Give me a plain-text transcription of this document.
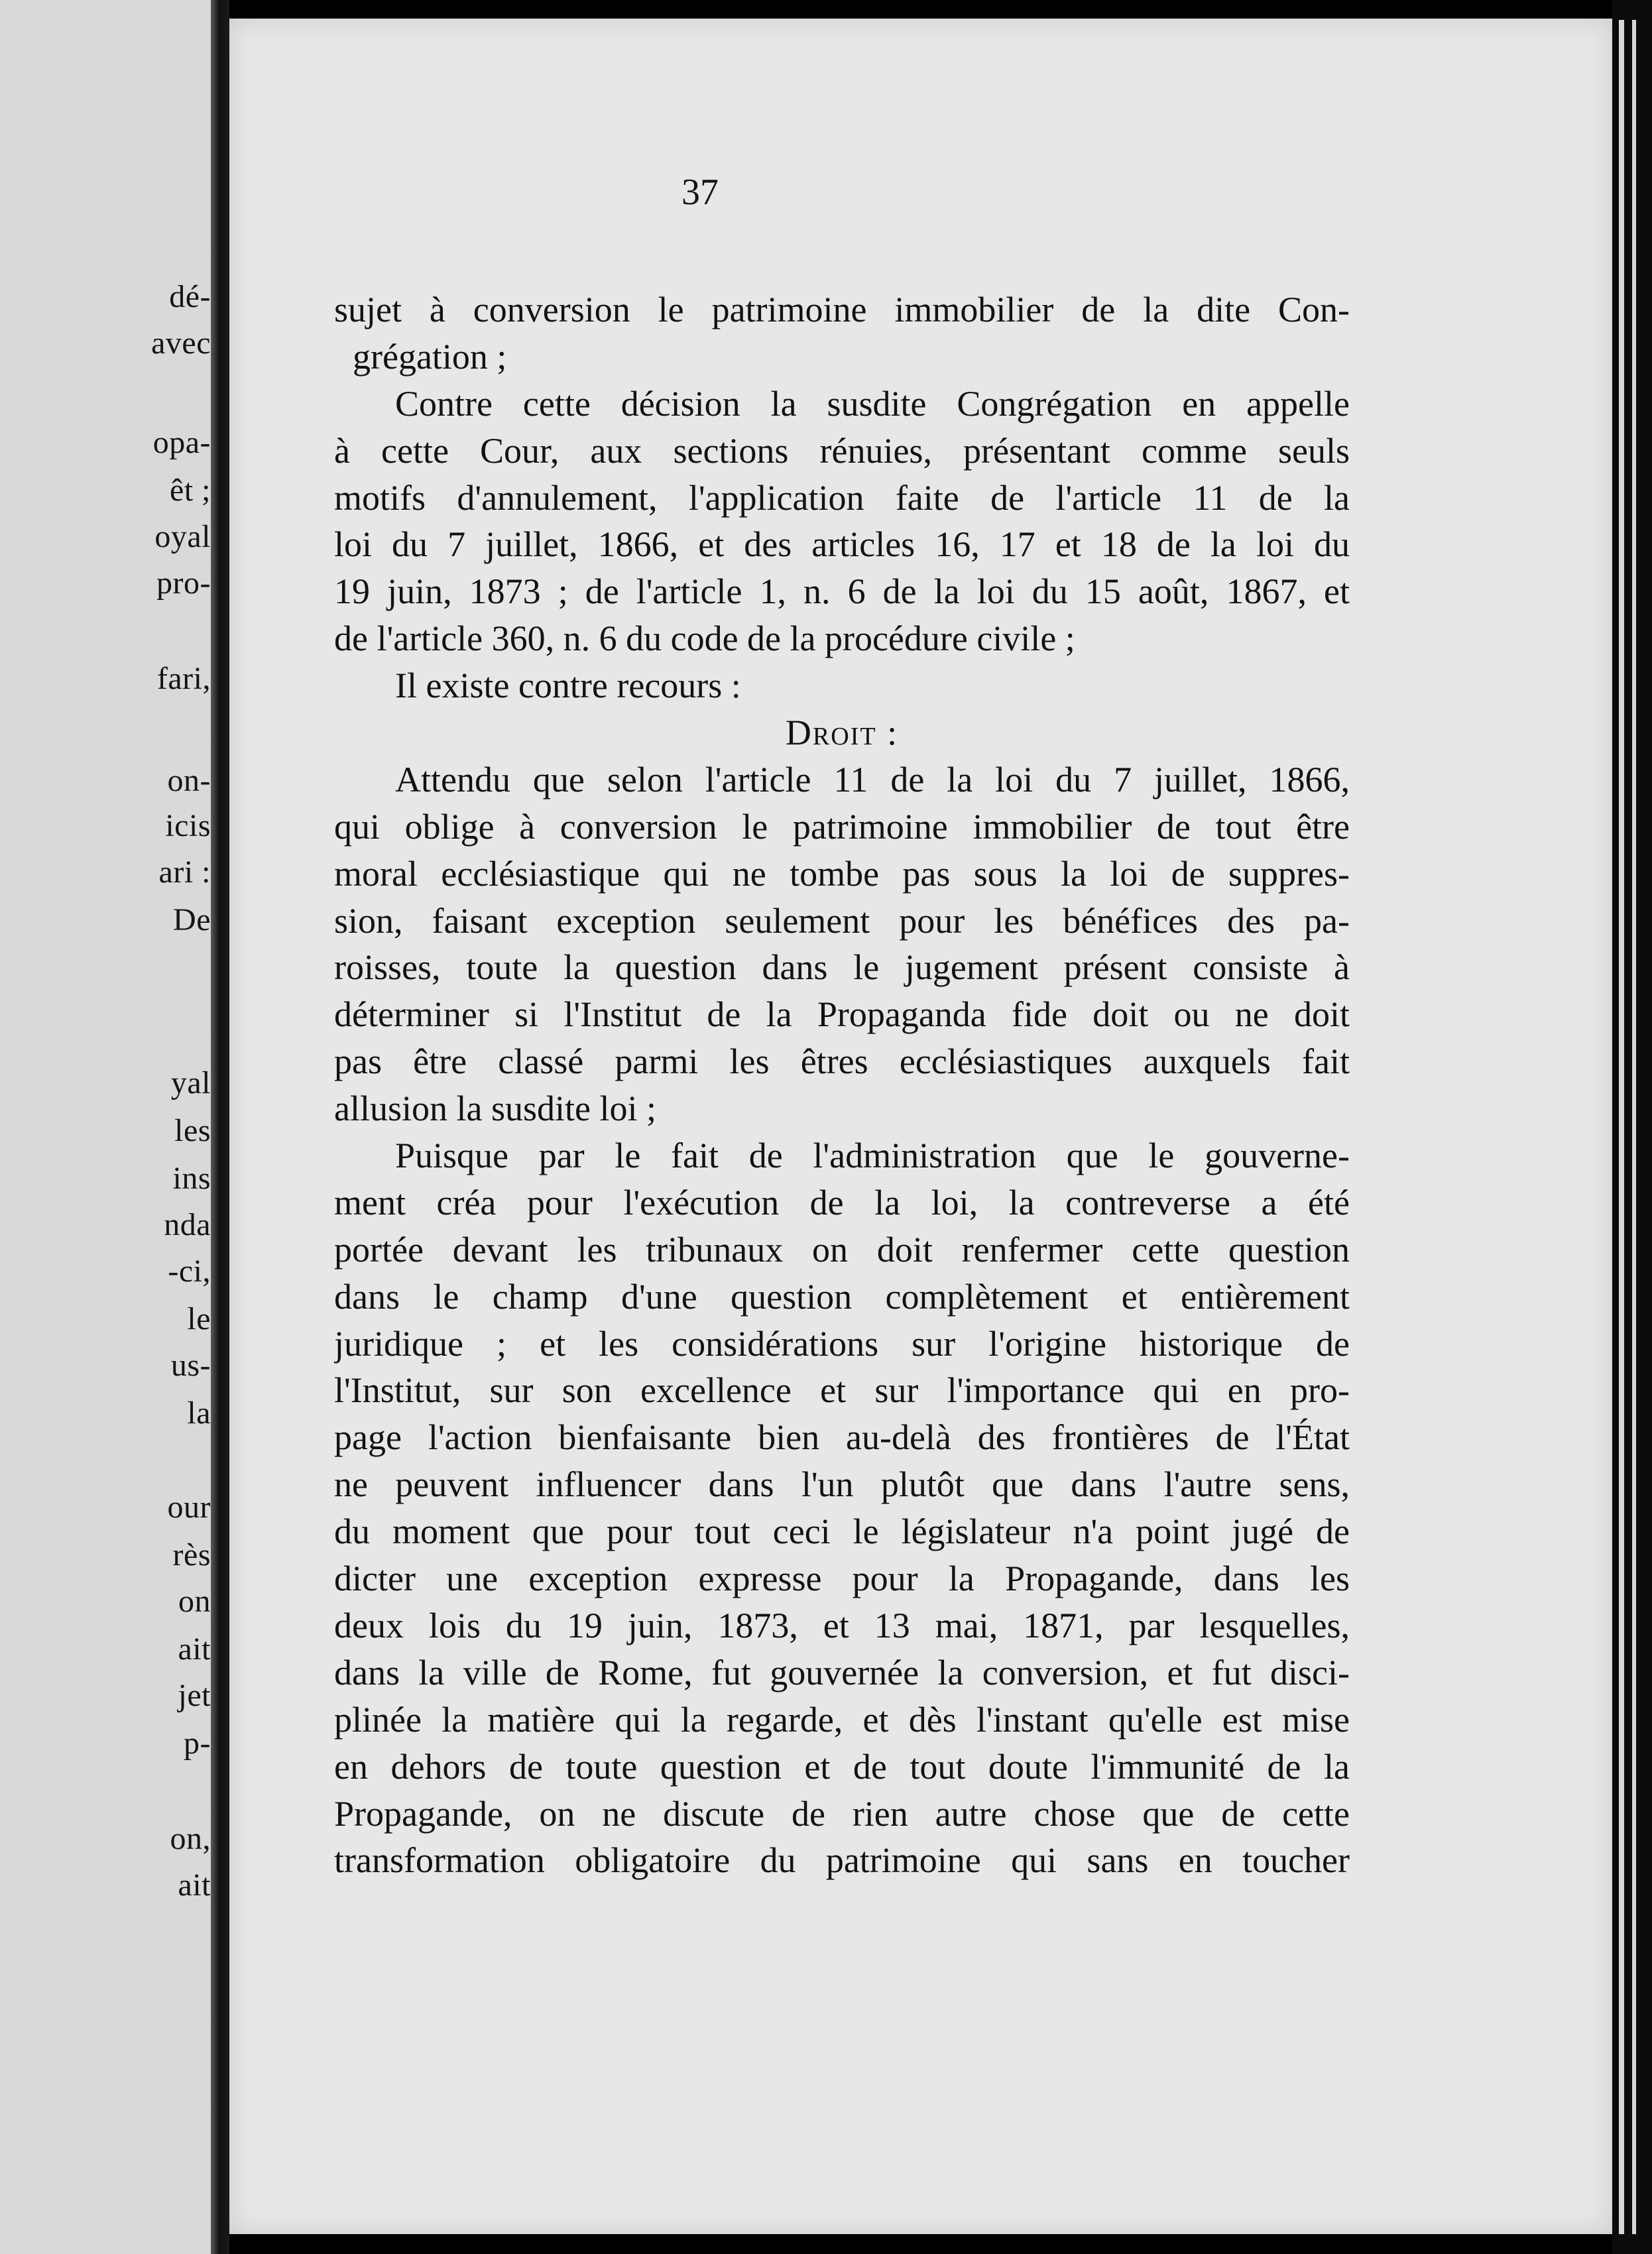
dé-
avec
opa-
êt ;
oyal
pro-
fari,
on-
icis
ari :
De
yal
les
ins
nda
-ci,
le
us-
la
our
rès
on
ait
jet
p-
on,
ait
37
sujet à conversion le patrimoine immobilier de la dite Con-
grégation ;
Contre cette décision la susdite Congrégation en appelle
à cette Cour, aux sections rénuies, présentant comme seuls
motifs d'annulement, l'application faite de l'article 11 de la
loi du 7 juillet, 1866, et des articles 16, 17 et 18 de la loi du
19 juin, 1873 ; de l'article 1, n. 6 de la loi du 15 août, 1867, et
de l'article 360, n. 6 du code de la procédure civile ;
Il existe contre recours :
Droit :
Attendu que selon l'article 11 de la loi du 7 juillet, 1866,
qui oblige à conversion le patrimoine immobilier de tout être
moral ecclésiastique qui ne tombe pas sous la loi de suppres-
sion, faisant exception seulement pour les bénéfices des pa-
roisses, toute la question dans le jugement présent consiste à
déterminer si l'Institut de la Propaganda fide doit ou ne doit
pas être classé parmi les êtres ecclésiastiques auxquels fait
allusion la susdite loi ;
Puisque par le fait de l'administration que le gouverne-
ment créa pour l'exécution de la loi, la contreverse a été
portée devant les tribunaux on doit renfermer cette question
dans le champ d'une question complètement et entièrement
juridique ; et les considérations sur l'origine historique de
l'Institut, sur son excellence et sur l'importance qui en pro-
page l'action bienfaisante bien au-delà des frontières de l'État
ne peuvent influencer dans l'un plutôt que dans l'autre sens,
du moment que pour tout ceci le législateur n'a point jugé de
dicter une exception expresse pour la Propagande, dans les
deux lois du 19 juin, 1873, et 13 mai, 1871, par lesquelles,
dans la ville de Rome, fut gouvernée la conversion, et fut disci-
plinée la matière qui la regarde, et dès l'instant qu'elle est mise
en dehors de toute question et de tout doute l'immunité de la
Propagande, on ne discute de rien autre chose que de cette
transformation obligatoire du patrimoine qui sans en toucher
